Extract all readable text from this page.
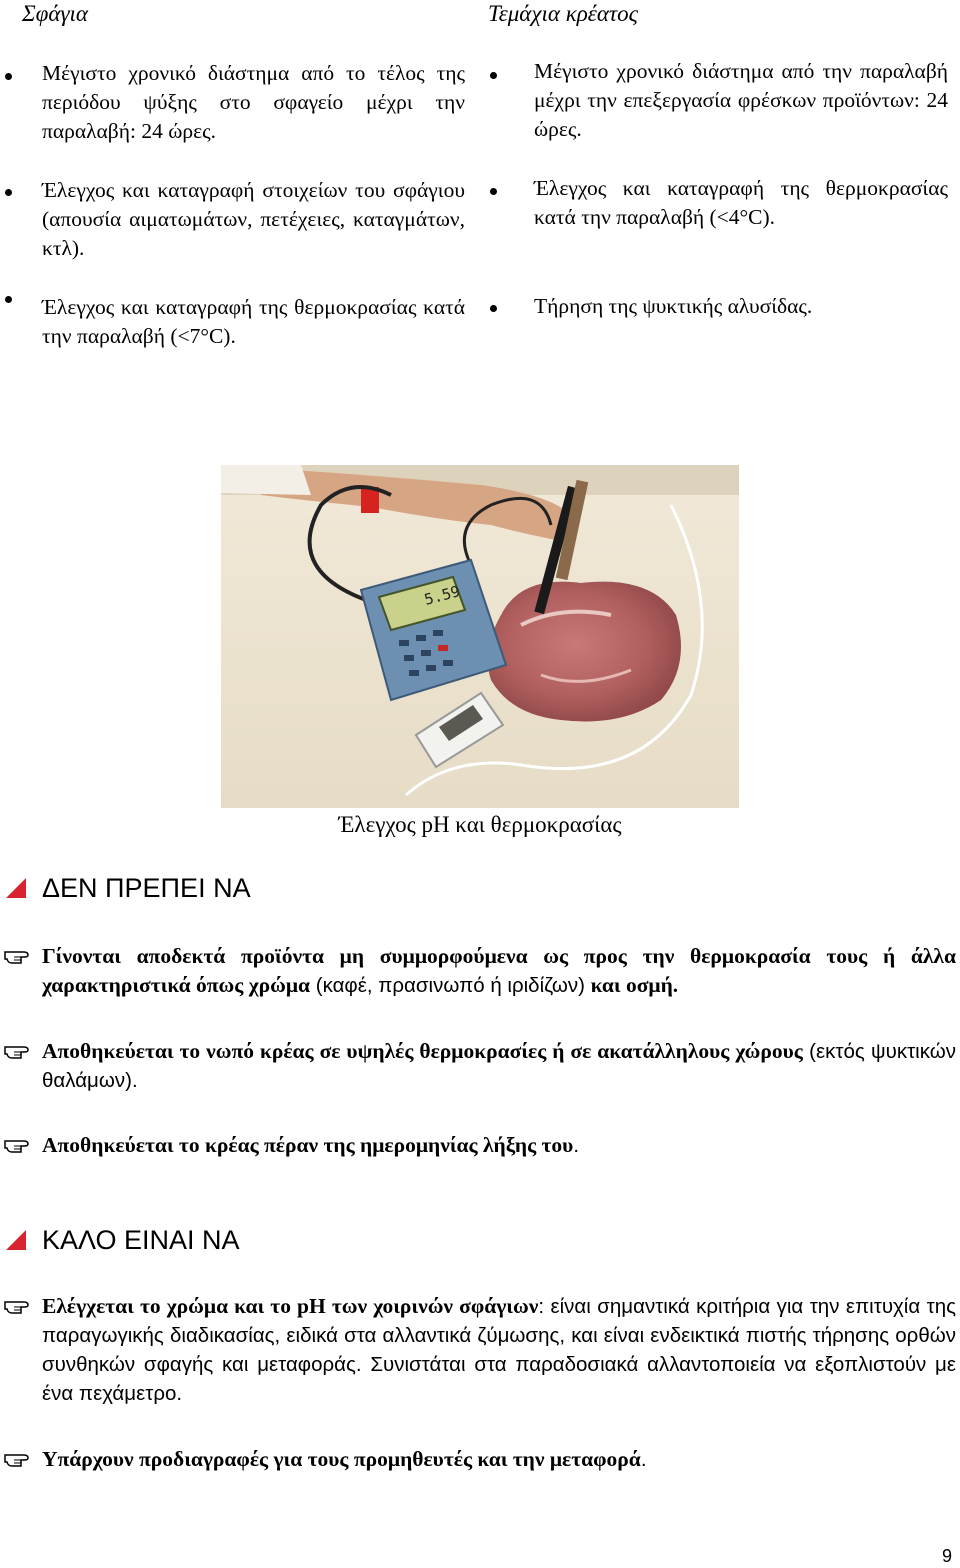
Σφάγια	Τεμάχια κρέατος
Μέγιστο χρονικό διάστημα από το τέλος της περιόδου ψύξης στο σφαγείο μέχρι την παραλαβή: 24 ώρες.
Έλεγχος και καταγραφή στοιχείων του σφάγιου (απουσία αιματωμάτων, πετέχειες, καταγμάτων, κτλ).
Έλεγχος και καταγραφή της θερμοκρασίας κατά την παραλαβή (<7°C).
Μέγιστο χρονικό διάστημα από την παραλαβή μέχρι την επεξεργασία φρέσκων προϊόντων: 24 ώρες.
Έλεγχος και καταγραφή της θερμοκρασίας κατά την παραλαβή (<4°C).
Τήρηση της ψυκτικής αλυσίδας.
5.59
Έλεγχος pH και θερμοκρασίας
ΔΕΝ ΠΡΕΠΕΙ ΝΑ
Γίνονται αποδεκτά προϊόντα μη συμμορφούμενα ως προς την θερμοκρασία τους ή άλλα χαρακτηριστικά όπως χρώμα (καφέ, πρασινωπό ή ιριδίζων) και οσμή.
Αποθηκεύεται το νωπό κρέας σε υψηλές θερμοκρασίες ή σε ακατάλληλους χώρους (εκτός ψυκτικών θαλάμων).
Αποθηκεύεται το κρέας πέραν της ημερομηνίας λήξης του.
ΚΑΛΟ ΕΙΝΑΙ ΝΑ
Ελέγχεται το χρώμα και το pH των χοιρινών σφάγιων: είναι σημαντικά κριτήρια για την επιτυχία της παραγωγικής διαδικασίας, ειδικά στα αλλαντικά ζύμωσης, και είναι ενδεικτικά πιστής τήρησης ορθών συνθηκών σφαγής και μεταφοράς. Συνιστάται στα παραδοσιακά αλλαντοποιεία να εξοπλιστούν με ένα πεχάμετρο.
Υπάρχουν προδιαγραφές για τους προμηθευτές και την μεταφορά.
9
